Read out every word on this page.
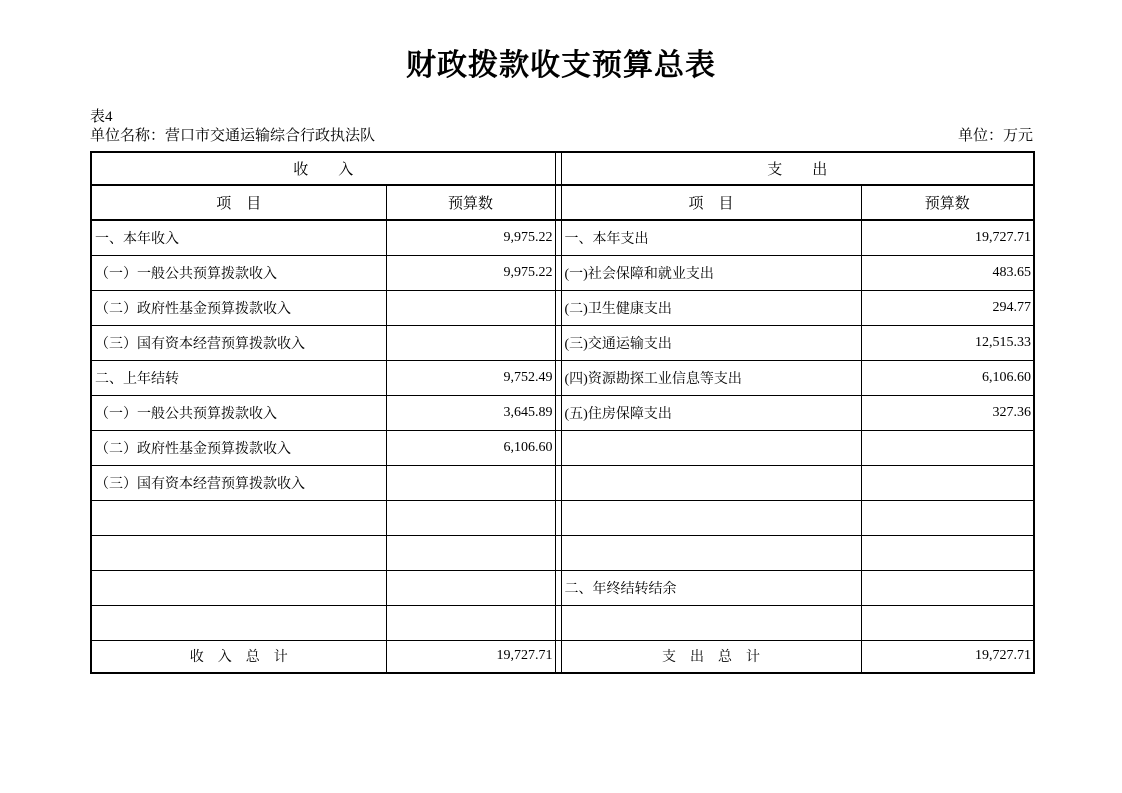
财政拨款收支预算总表
表4
单位名称：营口市交通运输综合行政执法队	单位：万元
收　　入			支　　出	
项　目	预算数		项　目	预算数
一、本年收入	9,975.22		一、本年支出	19,727.71
（一）一般公共预算拨款收入	9,975.22		(一)社会保障和就业支出	483.65
（二）政府性基金预算拨款收入			(二)卫生健康支出	294.77
（三）国有资本经营预算拨款收入			(三)交通运输支出	12,515.33
二、上年结转	9,752.49		(四)资源勘探工业信息等支出	6,106.60
（一）一般公共预算拨款收入	3,645.89		(五)住房保障支出	327.36
（二）政府性基金预算拨款收入	6,106.60			
（三）国有资本经营预算拨款收入				

			二、年终结转结余	

收　入　总　计	19,727.71		支　出　总　计	19,727.71
